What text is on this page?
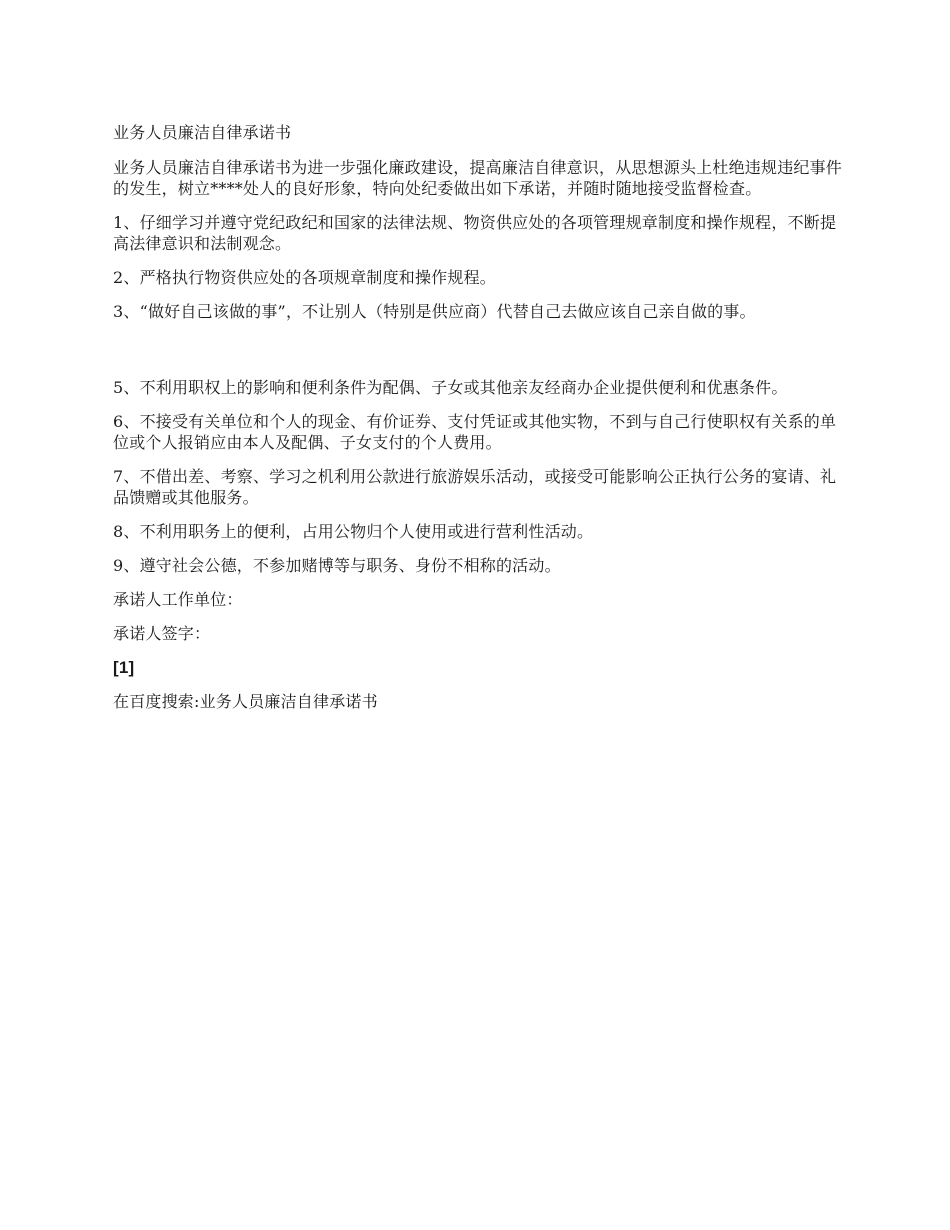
业务人员廉洁自律承诺书

业务人员廉洁自律承诺书为进一步强化廉政建设，提高廉洁自律意识，从思想源头上杜绝违规违纪事件的发生，树立****处人的良好形象，特向处纪委做出如下承诺，并随时随地接受监督检查。

1、仔细学习并遵守党纪政纪和国家的法律法规、物资供应处的各项管理规章制度和操作规程，不断提高法律意识和法制观念。

2、严格执行物资供应处的各项规章制度和操作规程。

3、“做好自己该做的事”，不让别人（特别是供应商）代替自己去做应该自己亲自做的事。

5、不利用职权上的影响和便利条件为配偶、子女或其他亲友经商办企业提供便利和优惠条件。

6、不接受有关单位和个人的现金、有价证券、支付凭证或其他实物，不到与自己行使职权有关系的单位或个人报销应由本人及配偶、子女支付的个人费用。

7、不借出差、考察、学习之机利用公款进行旅游娱乐活动，或接受可能影响公正执行公务的宴请、礼品馈赠或其他服务。

8、不利用职务上的便利，占用公物归个人使用或进行营利性活动。

9、遵守社会公德，不参加赌博等与职务、身份不相称的活动。

承诺人工作单位：

承诺人签字：

[1]

在百度搜索:业务人员廉洁自律承诺书
